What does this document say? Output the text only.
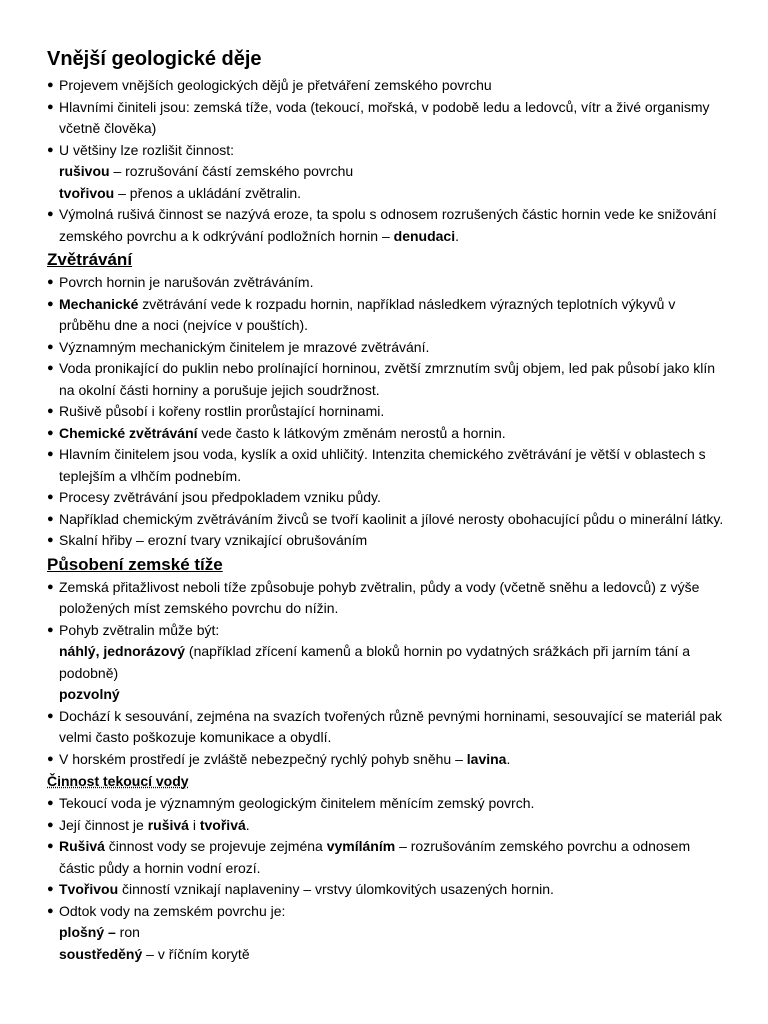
Vnější geologické děje
● Projevem vnějších geologických dějů je přetváření zemského povrchu
● Hlavními činiteli jsou: zemská tíže, voda (tekoucí, mořská, v podobě ledu a ledovců, vítr a živé organismy včetně člověka)
● U většiny lze rozlišit činnost:
rušivou – rozrušování částí zemského povrchu
tvořivou – přenos a ukládání zvětralin.
● Výmolná rušivá činnost se nazývá eroze, ta spolu s odnosem rozrušených částic hornin vede ke snižování zemského povrchu a k odkrývání podložních hornin – denudaci.
Zvětrávání
● Povrch hornin je narušován zvětráváním.
● Mechanické zvětrávání vede k rozpadu hornin, například následkem výrazných teplotních výkyvů v průběhu dne a noci (nejvíce v pouštích).
● Významným mechanickým činitelem je mrazové zvětrávání.
● Voda pronikající do puklin nebo prolínající horninou, zvětší zmrznutím svůj objem, led pak působí jako klín na okolní části horniny a porušuje jejich soudržnost.
● Rušivě působí i kořeny rostlin prorůstající horninami.
● Chemické zvětrávání vede často k látkovým změnám nerostů a hornin.
● Hlavním činitelem jsou voda, kyslík a oxid uhličitý. Intenzita chemického zvětrávání je větší v oblastech s teplejším a vlhčím podnebím.
● Procesy zvětrávání jsou předpokladem vzniku půdy.
● Například chemickým zvětráváním živců se tvoří kaolinit a jílové nerosty obohacující půdu o minerální látky.
● Skalní hřiby – erozní tvary vznikající obrušováním
Působení zemské tíže
● Zemská přitažlivost neboli tíže způsobuje pohyb zvětralin, půdy a vody (včetně sněhu a ledovců) z výše položených míst zemského povrchu do nížin.
● Pohyb zvětralin může být:
náhlý, jednorázový (například zřícení kamenů a bloků hornin po vydatných srážkách při jarním tání a podobně)
pozvolný
● Dochází k sesouvání, zejména na svazích tvořených různě pevnými horninami, sesouvající se materiál pak velmi často poškozuje komunikace a obydlí.
● V horském prostředí je zvláště nebezpečný rychlý pohyb sněhu – lavina.
Činnost tekoucí vody
● Tekoucí voda je významným geologickým činitelem měnícím zemský povrch.
● Její činnost je rušivá i tvořivá.
● Rušivá činnost vody se projevuje zejména vymíláním – rozrušováním zemského povrchu a odnosem částic půdy a hornin vodní erozí.
● Tvořivou činností vznikají naplaveniny – vrstvy úlomkovitých usazených hornin.
● Odtok vody na zemském povrchu je:
plošný – ron
soustředěný – v říčním korytě
